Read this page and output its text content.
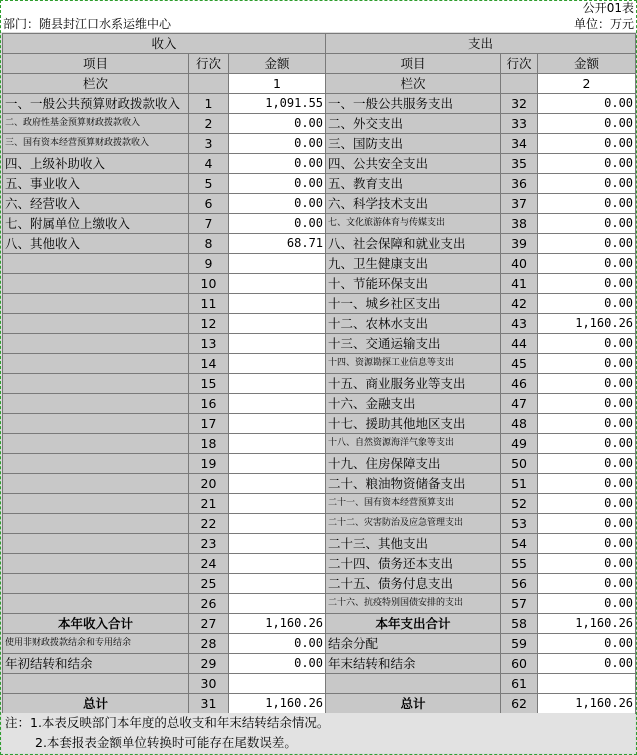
公开01表
部门：随县封江口水系运维中心	单位：万元
收入			支出		
项目	行次	金额	项目	行次	金额
栏次		1	栏次		2
一、一般公共预算财政拨款收入	1	1,091.55	一、一般公共服务支出	32	0.00
二、政府性基金预算财政拨款收入	2	0.00	二、外交支出	33	0.00
三、国有资本经营预算财政拨款收入	3	0.00	三、国防支出	34	0.00
四、上级补助收入	4	0.00	四、公共安全支出	35	0.00
五、事业收入	5	0.00	五、教育支出	36	0.00
六、经营收入	6	0.00	六、科学技术支出	37	0.00
七、附属单位上缴收入	7	0.00	七、文化旅游体育与传媒支出	38	0.00
八、其他收入	8	68.71	八、社会保障和就业支出	39	0.00
	9		九、卫生健康支出	40	0.00
	10		十、节能环保支出	41	0.00
	11		十一、城乡社区支出	42	0.00
	12		十二、农林水支出	43	1,160.26
	13		十三、交通运输支出	44	0.00
	14		十四、资源勘探工业信息等支出	45	0.00
	15		十五、商业服务业等支出	46	0.00
	16		十六、金融支出	47	0.00
	17		十七、援助其他地区支出	48	0.00
	18		十八、自然资源海洋气象等支出	49	0.00
	19		十九、住房保障支出	50	0.00
	20		二十、粮油物资储备支出	51	0.00
	21		二十一、国有资本经营预算支出	52	0.00
	22		二十二、灾害防治及应急管理支出	53	0.00
	23		二十三、其他支出	54	0.00
	24		二十四、债务还本支出	55	0.00
	25		二十五、债务付息支出	56	0.00
	26		二十六、抗疫特别国债安排的支出	57	0.00
本年收入合计	27	1,160.26	本年支出合计	58	1,160.26
使用非财政拨款结余和专用结余	28	0.00	结余分配	59	0.00
年初结转和结余	29	0.00	年末结转和结余	60	0.00
	30			61	
总计	31	1,160.26	总计	62	1,160.26
注：1.本表反映部门本年度的总收支和年末结转结余情况。
2.本套报表金额单位转换时可能存在尾数误差。
